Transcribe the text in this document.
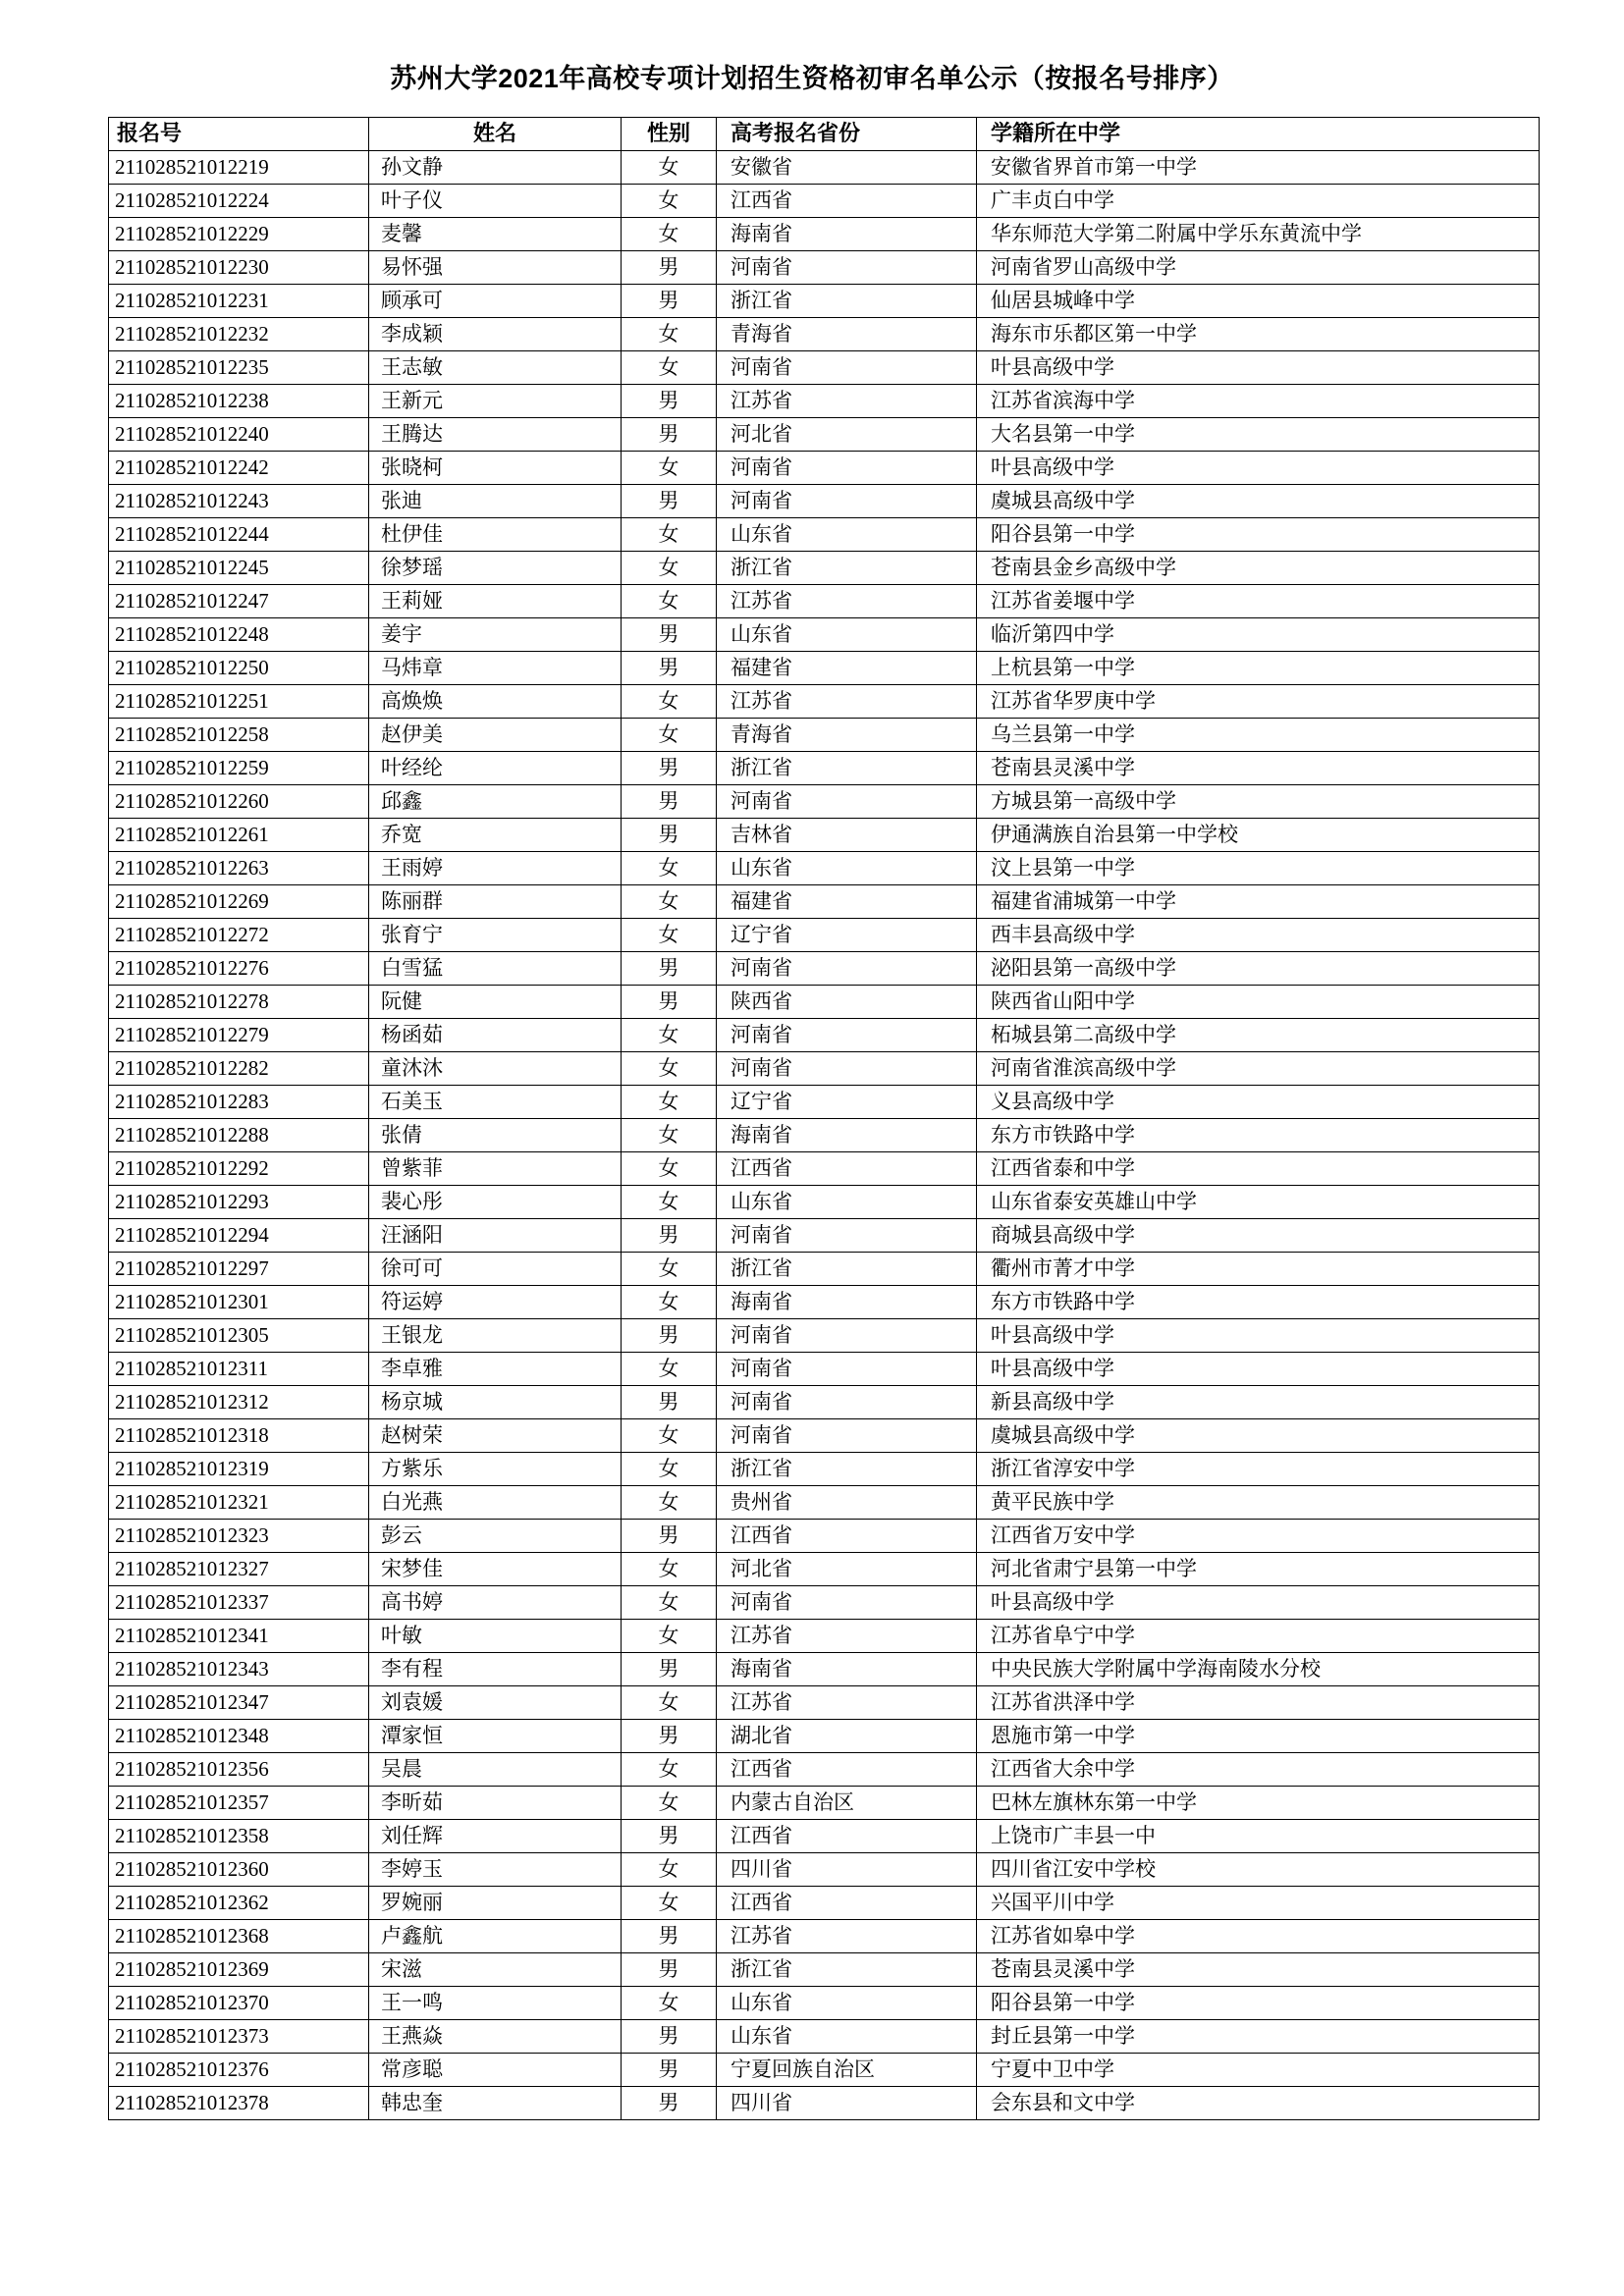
苏州大学2021年高校专项计划招生资格初审名单公示（按报名号排序）
报名号	姓名	性别	高考报名省份	学籍所在中学
211028521012219	孙文静	女	安徽省	安徽省界首市第一中学
211028521012224	叶子仪	女	江西省	广丰贞白中学
211028521012229	麦馨	女	海南省	华东师范大学第二附属中学乐东黄流中学
211028521012230	易怀强	男	河南省	河南省罗山高级中学
211028521012231	顾承可	男	浙江省	仙居县城峰中学
211028521012232	李成颖	女	青海省	海东市乐都区第一中学
211028521012235	王志敏	女	河南省	叶县高级中学
211028521012238	王新元	男	江苏省	江苏省滨海中学
211028521012240	王腾达	男	河北省	大名县第一中学
211028521012242	张晓柯	女	河南省	叶县高级中学
211028521012243	张迪	男	河南省	虞城县高级中学
211028521012244	杜伊佳	女	山东省	阳谷县第一中学
211028521012245	徐梦瑶	女	浙江省	苍南县金乡高级中学
211028521012247	王莉娅	女	江苏省	江苏省姜堰中学
211028521012248	姜宇	男	山东省	临沂第四中学
211028521012250	马炜章	男	福建省	上杭县第一中学
211028521012251	高焕焕	女	江苏省	江苏省华罗庚中学
211028521012258	赵伊美	女	青海省	乌兰县第一中学
211028521012259	叶经纶	男	浙江省	苍南县灵溪中学
211028521012260	邱鑫	男	河南省	方城县第一高级中学
211028521012261	乔宽	男	吉林省	伊通满族自治县第一中学校
211028521012263	王雨婷	女	山东省	汶上县第一中学
211028521012269	陈丽群	女	福建省	福建省浦城第一中学
211028521012272	张育宁	女	辽宁省	西丰县高级中学
211028521012276	白雪猛	男	河南省	泌阳县第一高级中学
211028521012278	阮健	男	陕西省	陕西省山阳中学
211028521012279	杨函茹	女	河南省	柘城县第二高级中学
211028521012282	童沐沐	女	河南省	河南省淮滨高级中学
211028521012283	石美玉	女	辽宁省	义县高级中学
211028521012288	张倩	女	海南省	东方市铁路中学
211028521012292	曾紫菲	女	江西省	江西省泰和中学
211028521012293	裴心彤	女	山东省	山东省泰安英雄山中学
211028521012294	汪涵阳	男	河南省	商城县高级中学
211028521012297	徐可可	女	浙江省	衢州市菁才中学
211028521012301	符运婷	女	海南省	东方市铁路中学
211028521012305	王银龙	男	河南省	叶县高级中学
211028521012311	李卓雅	女	河南省	叶县高级中学
211028521012312	杨京城	男	河南省	新县高级中学
211028521012318	赵树荣	女	河南省	虞城县高级中学
211028521012319	方紫乐	女	浙江省	浙江省淳安中学
211028521012321	白光燕	女	贵州省	黄平民族中学
211028521012323	彭云	男	江西省	江西省万安中学
211028521012327	宋梦佳	女	河北省	河北省肃宁县第一中学
211028521012337	高书婷	女	河南省	叶县高级中学
211028521012341	叶敏	女	江苏省	江苏省阜宁中学
211028521012343	李有程	男	海南省	中央民族大学附属中学海南陵水分校
211028521012347	刘袁媛	女	江苏省	江苏省洪泽中学
211028521012348	潭家恒	男	湖北省	恩施市第一中学
211028521012356	吴晨	女	江西省	江西省大余中学
211028521012357	李昕茹	女	内蒙古自治区	巴林左旗林东第一中学
211028521012358	刘任辉	男	江西省	上饶市广丰县一中
211028521012360	李婷玉	女	四川省	四川省江安中学校
211028521012362	罗婉丽	女	江西省	兴国平川中学
211028521012368	卢鑫航	男	江苏省	江苏省如皋中学
211028521012369	宋滋	男	浙江省	苍南县灵溪中学
211028521012370	王一鸣	女	山东省	阳谷县第一中学
211028521012373	王燕焱	男	山东省	封丘县第一中学
211028521012376	常彦聪	男	宁夏回族自治区	宁夏中卫中学
211028521012378	韩忠奎	男	四川省	会东县和文中学
